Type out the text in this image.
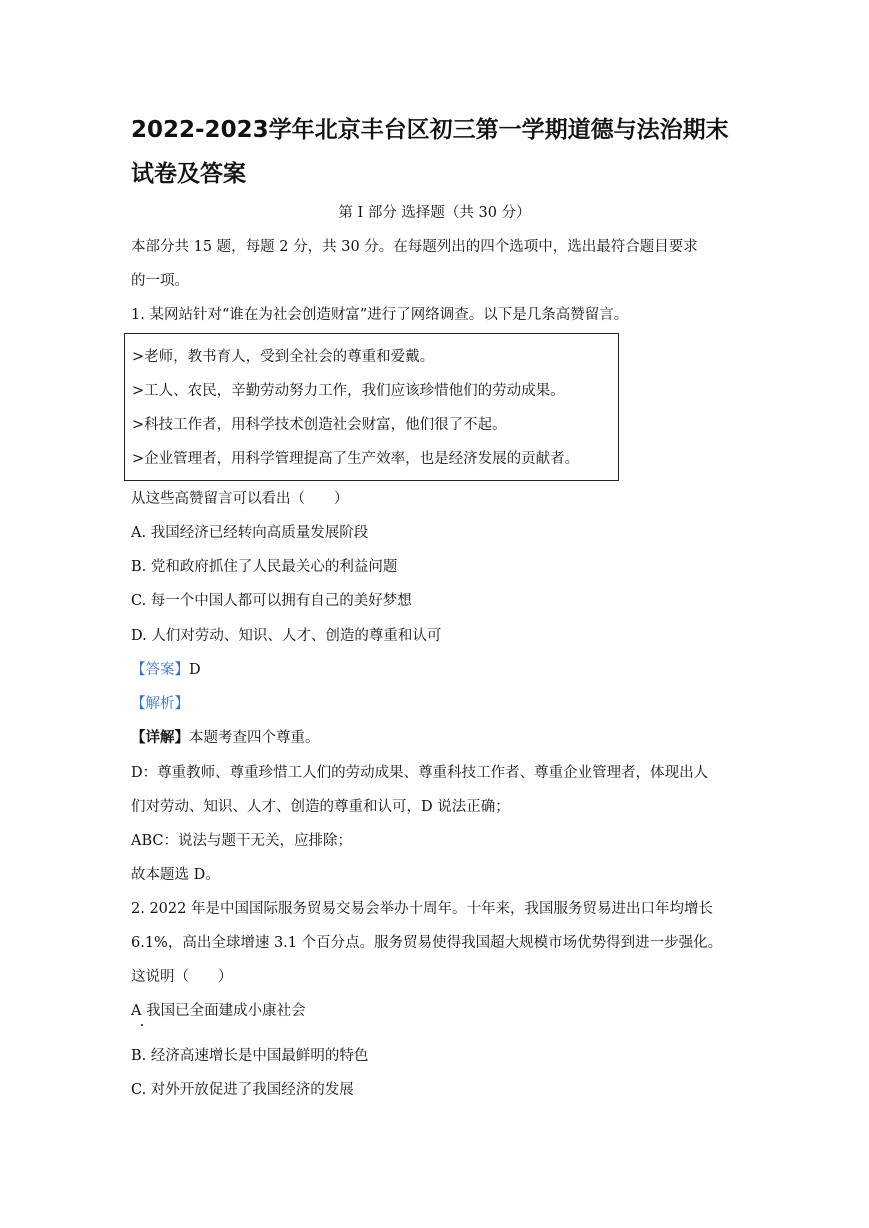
2022-2023学年北京丰台区初三第一学期道德与法治期末试卷及答案
第 I 部分 选择题（共 30 分）
本部分共 15 题，每题 2 分，共 30 分。在每题列出的四个选项中，选出最符合题目要求
的一项。
1. 某网站针对“谁在为社会创造财富”进行了网络调查。以下是几条高赞留言。
>老师，教书育人，受到全社会的尊重和爱戴。
>工人、农民，辛勤劳动努力工作，我们应该珍惜他们的劳动成果。
>科技工作者，用科学技术创造社会财富，他们很了不起。
>企业管理者，用科学管理提高了生产效率，也是经济发展的贡献者。
从这些高赞留言可以看出（　　）
A. 我国经济已经转向高质量发展阶段
B. 党和政府抓住了人民最关心的利益问题
C. 每一个中国人都可以拥有自己的美好梦想
D. 人们对劳动、知识、人才、创造的尊重和认可
【答案】D
【解析】
【详解】本题考查四个尊重。
D：尊重教师、尊重珍惜工人们的劳动成果、尊重科技工作者、尊重企业管理者，体现出人
们对劳动、知识、人才、创造的尊重和认可，D 说法正确；
ABC：说法与题干无关，应排除；
故本题选 D。
2. 2022 年是中国国际服务贸易交易会举办十周年。十年来，我国服务贸易进出口年均增长
6.1%，高出全球增速 3.1 个百分点。服务贸易使得我国超大规模市场优势得到进一步强化。
这说明（　　）
A 我国已全面建成小康社会
B. 经济高速增长是中国最鲜明的特色
C. 对外开放促进了我国经济的发展
